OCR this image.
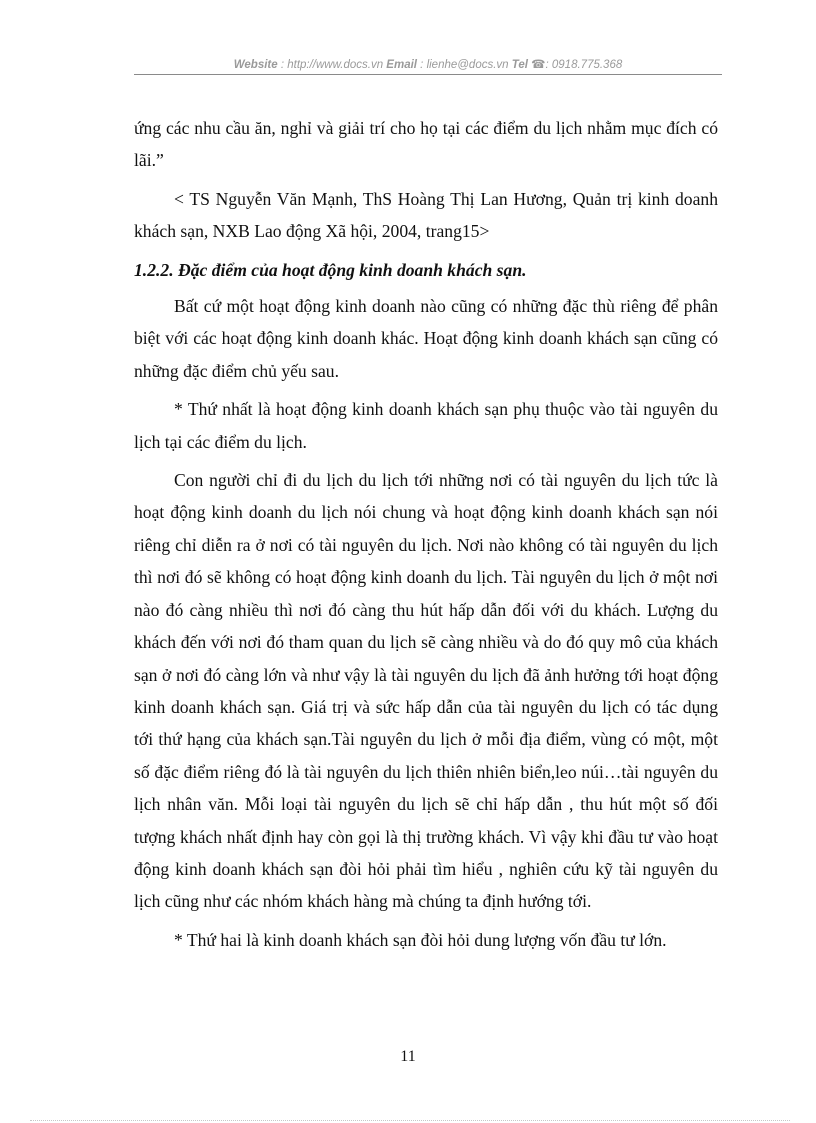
Website : http://www.docs.vn Email : lienhe@docs.vn Tel ☎: 0918.775.368

ứng các nhu cầu ăn, nghỉ và giải trí cho họ tại các điểm du lịch nhằm mục đích có lãi.”

< TS Nguyễn Văn Mạnh, ThS Hoàng Thị Lan Hương, Quản trị kinh doanh khách sạn, NXB Lao động Xã hội, 2004, trang15>

1.2.2. Đặc điểm của hoạt động kinh doanh khách sạn.

Bất cứ một hoạt động kinh doanh nào cũng có những đặc thù riêng để phân biệt với các hoạt động kinh doanh khác. Hoạt động kinh doanh khách sạn cũng có những đặc điểm chủ yếu sau.

* Thứ nhất là hoạt động kinh doanh khách sạn phụ thuộc vào tài nguyên du lịch tại các điểm du lịch.

Con người chỉ đi du lịch du lịch tới những nơi có tài nguyên du lịch tức là hoạt động kinh doanh du lịch nói chung và hoạt động kinh doanh khách sạn nói riêng chỉ diễn ra ở nơi có tài nguyên du lịch. Nơi nào không có tài nguyên du lịch thì nơi đó sẽ không có hoạt động kinh doanh du lịch. Tài nguyên du lịch ở một nơi nào đó càng nhiều thì nơi đó càng thu hút hấp dẫn đối với du khách. Lượng du khách đến với nơi đó tham quan du lịch sẽ càng nhiều và do đó quy mô của khách sạn ở nơi đó càng lớn và như vậy là tài nguyên du lịch đã ảnh hưởng tới hoạt động kinh doanh khách sạn. Giá trị và sức hấp dẫn của tài nguyên du lịch có tác dụng tới thứ hạng của khách sạn.Tài nguyên du lịch ở mỗi địa điểm, vùng có một, một số đặc điểm riêng đó là tài nguyên du lịch thiên nhiên biển,leo núi…tài nguyên du lịch nhân văn. Mỗi loại tài nguyên du lịch sẽ chỉ hấp dẫn , thu hút một số đối tượng khách nhất định hay còn gọi là thị trường khách. Vì vậy khi đầu tư vào hoạt động kinh doanh khách sạn đòi hỏi phải tìm hiểu , nghiên cứu kỹ tài nguyên du lịch cũng như các nhóm khách hàng mà chúng ta định hướng tới.

* Thứ hai là kinh doanh khách sạn đòi hỏi dung lượng vốn đầu tư lớn.

11
